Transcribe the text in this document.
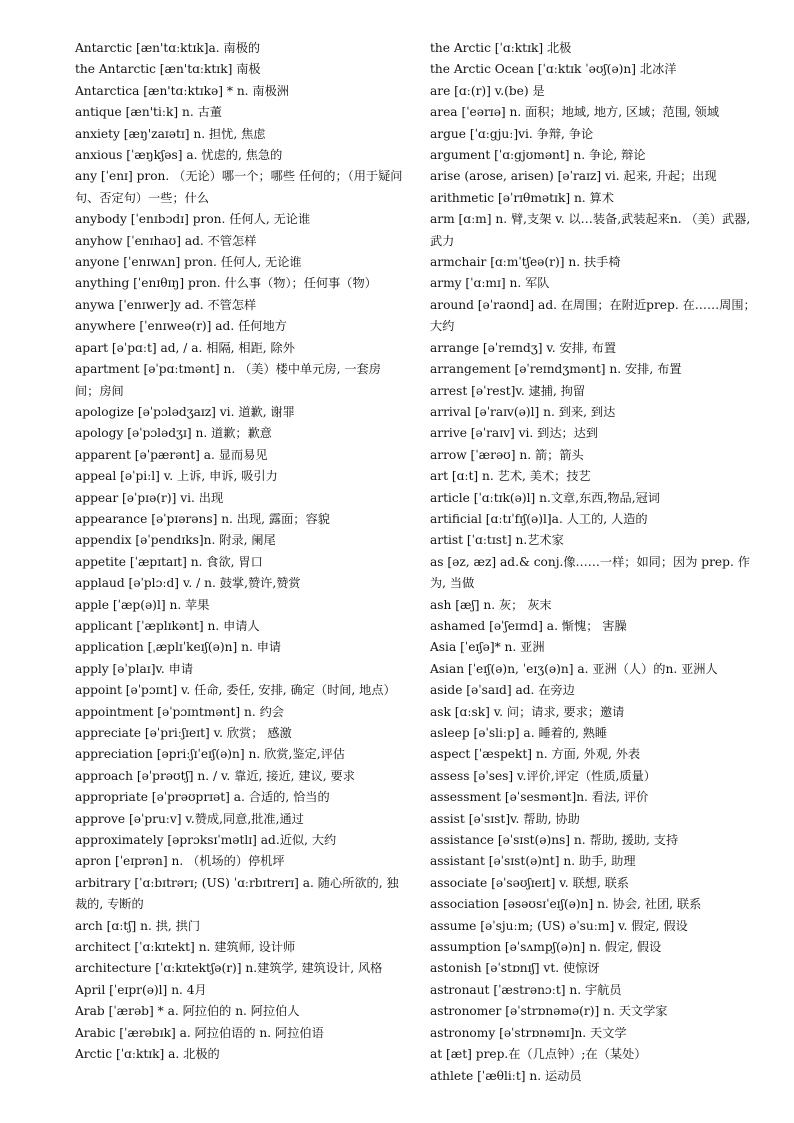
Antarctic [æn'tɑːktɪk]a. 南极的
the Antarctic [æn'tɑːktɪk] 南极
Antarctica [æn'tɑːktɪkə] * n. 南极洲
antique [æn'tiːk] n. 古董
anxiety [æŋ'zaɪətɪ] n. 担忧, 焦虑
anxious [ˈæŋkʃəs] a. 忧虑的, 焦急的
any [ˈenɪ] pron. （无论）哪一个；哪些 任何的；（用于疑问句、否定句）一些；什么
anybody [ˈenɪbɔdɪ] pron. 任何人, 无论谁
anyhow [ˈenɪhaʊ] ad. 不管怎样
anyone [ˈenɪwʌn] pron. 任何人, 无论谁
anything [ˈenɪθɪŋ] pron. 什么事（物）；任何事（物）
anywa [ˈenɪwer]y ad. 不管怎样
anywhere [ˈenɪweə(r)] ad. 任何地方
apart [əˈpɑːt] ad, / a. 相隔, 相距, 除外
apartment [əˈpɑːtmənt] n. （美）楼中单元房, 一套房间；房间
apologize [əˈpɔlədʒaɪz] vi. 道歉, 谢罪
apology [əˈpɔlədʒɪ] n. 道歉；歉意
apparent [əˈpærənt] a. 显而易见
appeal [əˈpiːl] v. 上诉, 申诉, 吸引力
appear [əˈpɪə(r)] vi. 出现
appearance [əˈpɪərəns] n. 出现, 露面；容貌
appendix [əˈpendɪks]n. 附录, 阑尾
appetite [ˈæpɪtaɪt] n. 食欲, 胃口
applaud [əˈplɔːd] v. / n. 鼓掌,赞许,赞赏
apple [ˈæp(ə)l] n. 苹果
applicant [ˈæplɪkənt] n. 申请人
application [ˌæplɪˈkeɪʃ(ə)n] n. 申请
apply [əˈplaɪ]v. 申请
appoint [əˈpɔɪnt] v. 任命, 委任, 安排, 确定（时间, 地点）
appointment [əˈpɔɪntmənt] n. 约会
appreciate [əˈpriːʃɪeɪt] v. 欣赏； 感激
appreciation [əpriːʃɪˈeɪʃ(ə)n] n. 欣赏,鉴定,评估
approach [əˈprəʊtʃ] n. / v. 靠近, 接近, 建议, 要求
appropriate [əˈprəʊprɪət] a. 合适的, 恰当的
approve [əˈpruːv] v.赞成,同意,批准,通过
approximately [əprɔksɪˈmətlɪ] ad.近似, 大约
apron [ˈeɪprən] n. （机场的）停机坪
arbitrary [ˈɑːbɪtrərɪ; (US) ˈɑːrbɪtrerɪ] a. 随心所欲的, 独裁的, 专断的
arch [ɑːtʃ] n. 拱, 拱门
architect [ˈɑːkɪtekt] n. 建筑师, 设计师
architecture [ˈɑːkɪtektʃə(r)] n.建筑学, 建筑设计, 风格
April [ˈeɪpr(ə)l] n. 4月
Arab [ˈærəb] * a. 阿拉伯的 n. 阿拉伯人
Arabic [ˈærəbɪk] a. 阿拉伯语的 n. 阿拉伯语
Arctic [ˈɑːktɪk] a. 北极的
the Arctic [ˈɑːktɪk] 北极
the Arctic Ocean [ˈɑːktɪk ˈəʊʃ(ə)n] 北冰洋
are [ɑː(r)] v.(be) 是
area [ˈeərɪə] n. 面积；地域, 地方, 区域；范围, 领域
argue [ˈɑːgjuː]vi. 争辩, 争论
argument [ˈɑːgjʊmənt] n. 争论, 辩论
arise (arose, arisen) [əˈraɪz] vi. 起来, 升起；出现
arithmetic [əˈrɪθmətɪk] n. 算术
arm [ɑːm] n. 臂,支架 v. 以…装备,武装起来n. （美）武器,武力
armchair [ɑːmˈtʃeə(r)] n. 扶手椅
army [ˈɑːmɪ] n. 军队
around [əˈraʊnd] ad. 在周围；在附近prep. 在……周围；大约
arrange [əˈreɪndʒ] v. 安排, 布置
arrangement [əˈreɪndʒmənt] n. 安排, 布置
arrest [əˈrest]v. 逮捕, 拘留
arrival [əˈraɪv(ə)l] n. 到来, 到达
arrive [əˈraɪv] vi. 到达；达到
arrow [ˈærəʊ] n. 箭；箭头
art [ɑːt] n. 艺术, 美术；技艺
article [ˈɑːtɪk(ə)l] n.文章,东西,物品,冠词
artificial [ɑːtɪˈfɪʃ(ə)l]a. 人工的, 人造的
artist [ˈɑːtɪst] n.艺术家
as [əz, æz] ad.& conj.像……一样；如同；因为 prep. 作为, 当做
ash [æʃ] n. 灰； 灰末
ashamed [əˈʃeɪmd] a. 惭愧； 害臊
Asia [ˈeɪʃə]* n. 亚洲
Asian [ˈeɪʃ(ə)n, ˈeɪʒ(ə)n] a. 亚洲（人）的n. 亚洲人
aside [əˈsaɪd] ad. 在旁边
ask [ɑːsk] v. 问；请求, 要求；邀请
asleep [əˈsliːp] a. 睡着的, 熟睡
aspect [ˈæspekt] n. 方面, 外观, 外表
assess [əˈses] v.评价,评定（性质,质量）
assessment [əˈsesmənt]n. 看法, 评价
assist [əˈsɪst]v. 帮助, 协助
assistance [əˈsɪst(ə)ns] n. 帮助, 援助, 支持
assistant [əˈsɪst(ə)nt] n. 助手, 助理
associate [əˈsəʊʃɪeɪt] v. 联想, 联系
association [əsəʊsɪˈeɪʃ(ə)n] n. 协会, 社团, 联系
assume [əˈsjuːm; (US) əˈsuːm] v. 假定, 假设
assumption [əˈsʌmpʃ(ə)n] n. 假定, 假设
astonish [əˈstɒnɪʃ] vt. 使惊讶
astronaut [ˈæstrənɔːt] n. 宇航员
astronomer [əˈstrɒnəmə(r)] n. 天文学家
astronomy [əˈstrɒnəmɪ]n. 天文学
at [æt] prep.在（几点钟）;在（某处）
athlete [ˈæθliːt] n. 运动员
